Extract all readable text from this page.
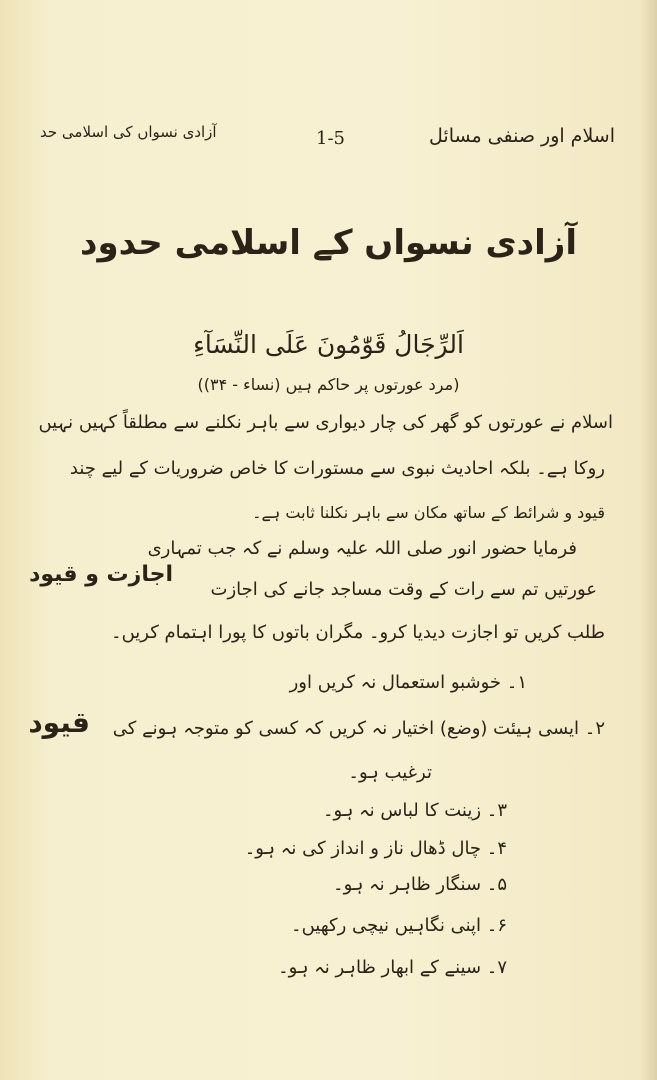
آزادی نسواں کی اسلامی حد	1-5	اسلام اور صنفی مسائل
آزادی نسواں کے اسلامی حدود
اَلرِّجَالُ قَوّٰمُونَ عَلَی النِّسَآءِ
(مرد عورتوں پر حاکم ہیں (نساء - ۳۴))
اسلام نے عورتوں کو گھر کی چار دیواری سے باہر نکلنے سے مطلقاً کہیں نہیں
روکا ہے۔ بلکہ احادیث نبوی سے مستورات کا خاص ضروریات کے لیے چند
قیود و شرائط کے ساتھ مکان سے باہر نکلنا ثابت ہے۔
اجازت و قیود
فرمایا حضور انور صلی اللہ علیہ وسلم نے کہ جب تمہاری
عورتیں تم سے رات کے وقت مساجد جانے کی اجازت
طلب کریں تو اجازت دیدیا کرو۔ مگران باتوں کا پورا اہتمام کریں۔
قیود
۱۔ خوشبو استعمال نہ کریں اور
۲۔ ایسی ہیئت (وضع) اختیار نہ کریں کہ کسی کو متوجہ ہونے کی
ترغیب ہو۔
۳۔ زینت کا لباس نہ ہو۔
۴۔ چال ڈھال ناز و انداز کی نہ ہو۔
۵۔ سنگار ظاہر نہ ہو۔
۶۔ اپنی نگاہیں نیچی رکھیں۔
۷۔ سینے کے ابھار ظاہر نہ ہو۔
